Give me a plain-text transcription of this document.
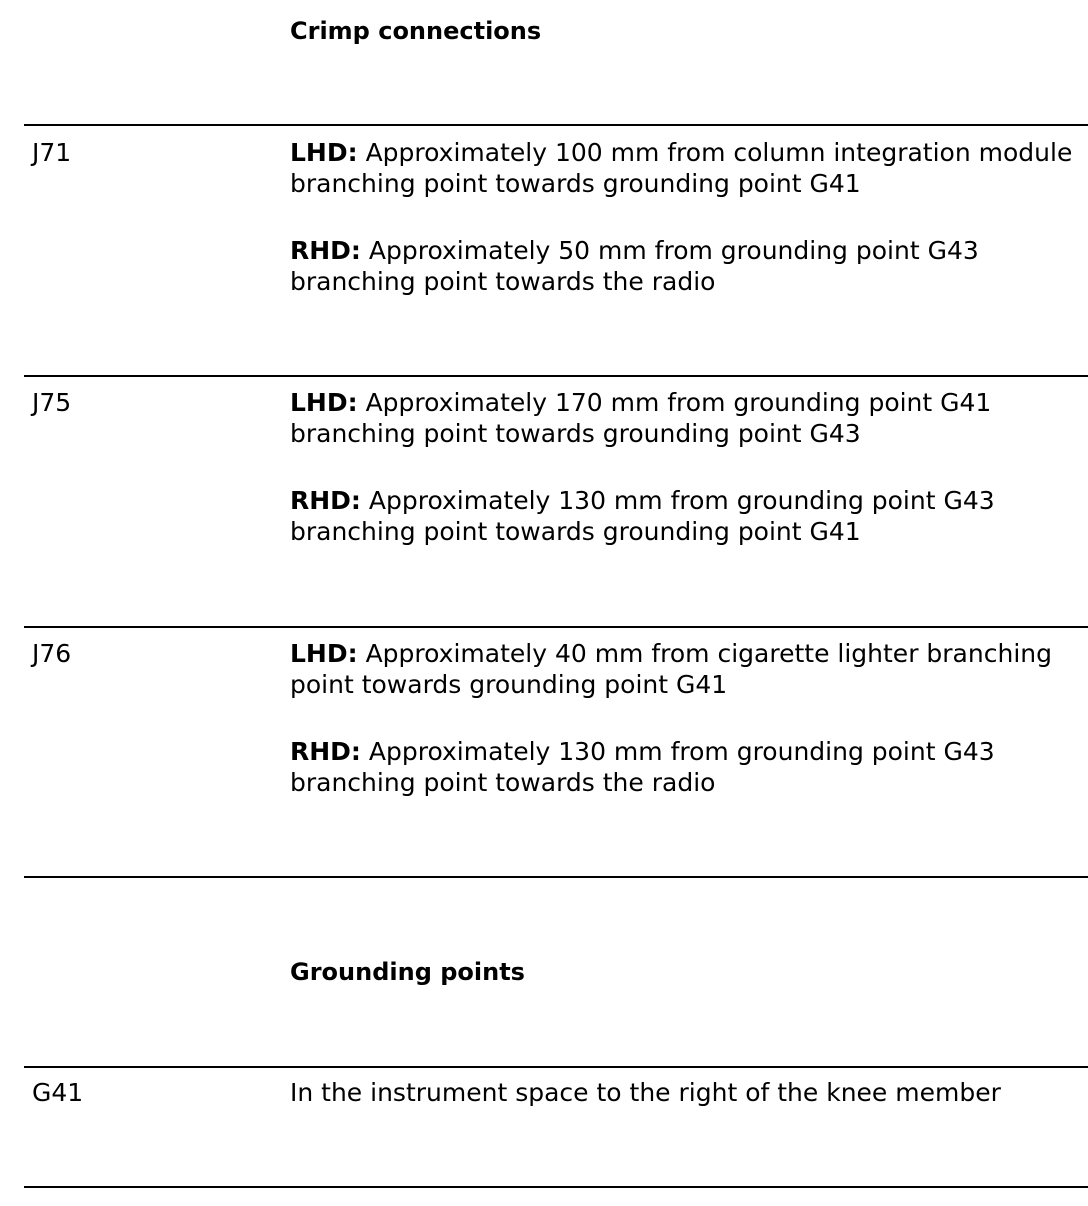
Crimp connections
J71	LHD: Approximately 100 mm from column integration module branching point towards grounding point G41

RHD: Approximately 50 mm from grounding point G43 branching point towards the radio

J75	LHD: Approximately 170 mm from grounding point G41 branching point towards grounding point G43

RHD: Approximately 130 mm from grounding point G43 branching point towards grounding point G41

J76	LHD: Approximately 40 mm from cigarette lighter branching point towards grounding point G41

RHD: Approximately 130 mm from grounding point G43 branching point towards the radio

Grounding points
G41	In the instrument space to the right of the knee member
